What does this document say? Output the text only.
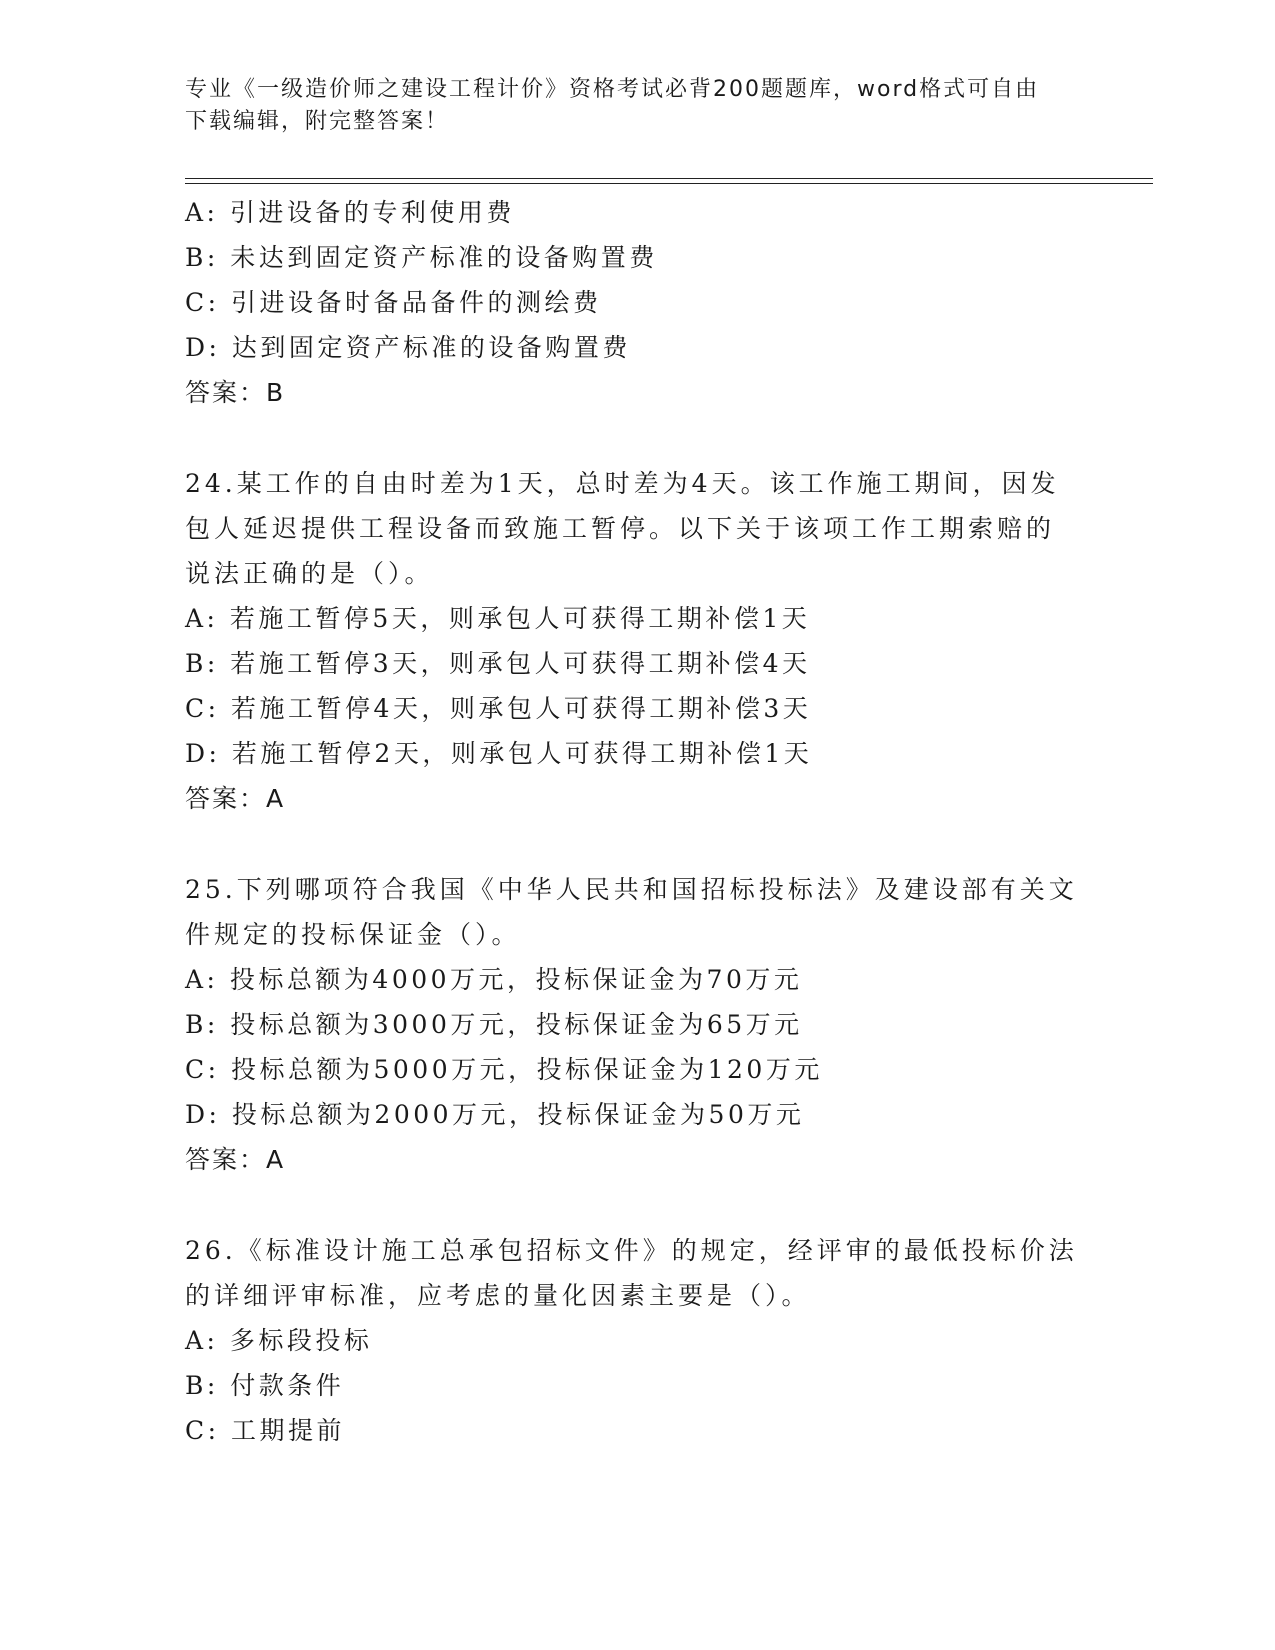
专业《一级造价师之建设工程计价》资格考试必背200题题库，word格式可自由
下载编辑，附完整答案！
A: 引进设备的专利使用费
B: 未达到固定资产标准的设备购置费
C: 引进设备时备品备件的测绘费
D: 达到固定资产标准的设备购置费
答案：B
24.某工作的自由时差为1天，总时差为4天。该工作施工期间，因发
包人延迟提供工程设备而致施工暂停。以下关于该项工作工期索赔的
说法正确的是（）。
A: 若施工暂停5天，则承包人可获得工期补偿1天
B: 若施工暂停3天，则承包人可获得工期补偿4天
C: 若施工暂停4天，则承包人可获得工期补偿3天
D: 若施工暂停2天，则承包人可获得工期补偿1天
答案：A
25.下列哪项符合我国《中华人民共和国招标投标法》及建设部有关文
件规定的投标保证金（）。
A: 投标总额为4000万元，投标保证金为70万元
B: 投标总额为3000万元，投标保证金为65万元
C: 投标总额为5000万元，投标保证金为120万元
D: 投标总额为2000万元，投标保证金为50万元
答案：A
26.《标准设计施工总承包招标文件》的规定，经评审的最低投标价法
的详细评审标准，应考虑的量化因素主要是（）。
A: 多标段投标
B: 付款条件
C: 工期提前
